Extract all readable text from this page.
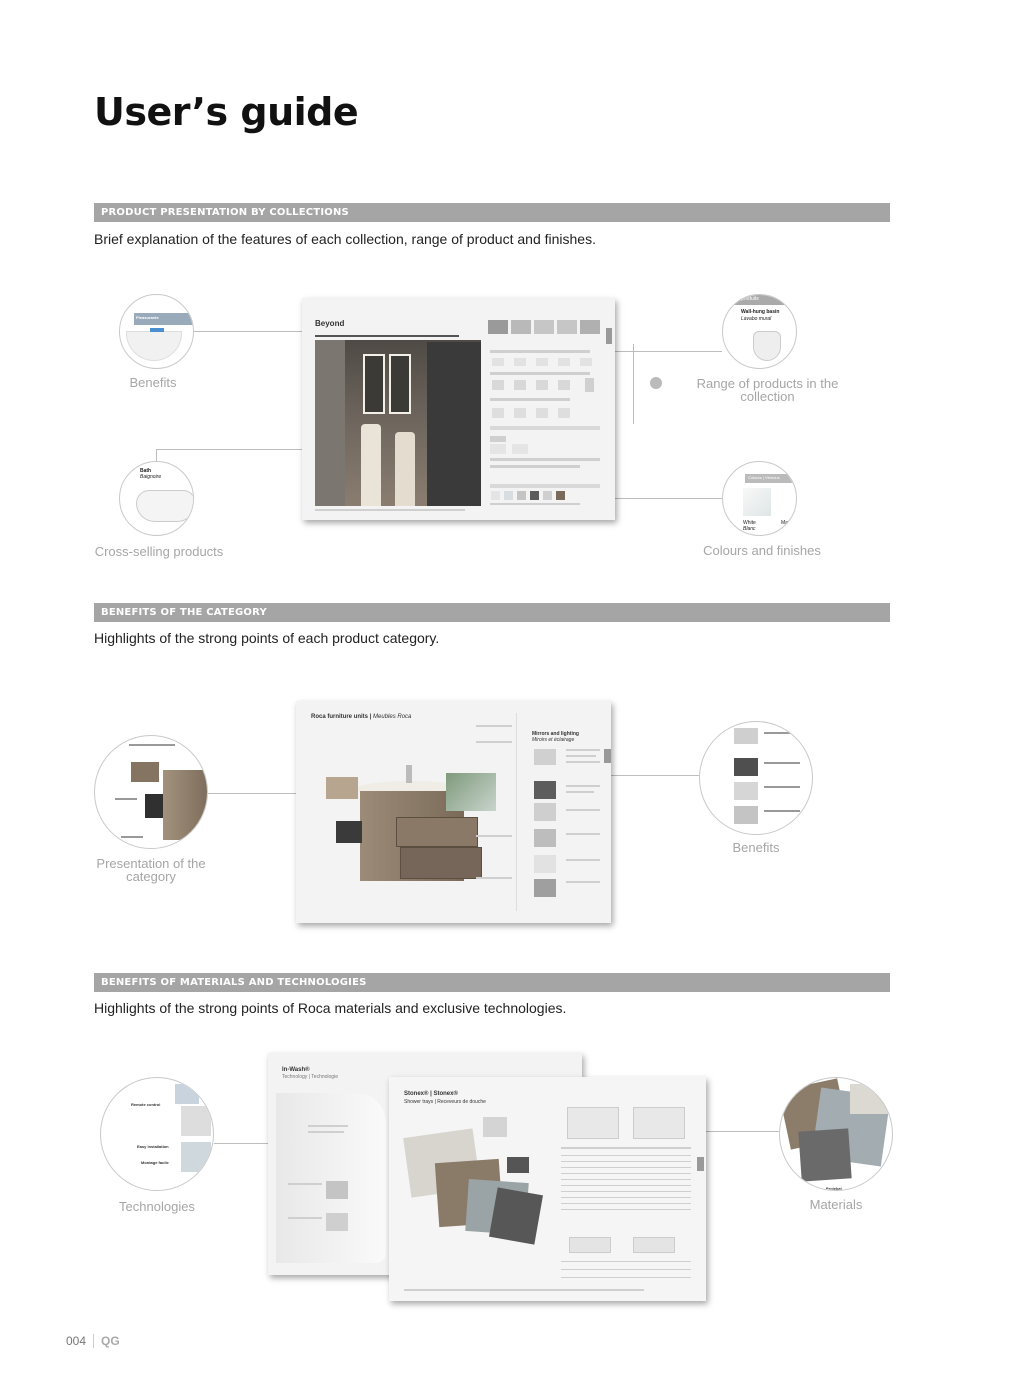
User’s guide
PRODUCT PRESENTATION BY COLLECTIONS
Brief explanation of the features of each collection, range of product and finishes.
Beyond
Pleasurante
Benefits
Bath
Baignoire
Cross-selling products
produits
Wall-hung basin
Lavabo mural
Range of products in the collection
Colours | Vitreous
White
Blanc
Matt
Colours and finishes
BENEFITS OF THE CATEGORY
Highlights of the strong points of each product category.
Roca furniture units | Meubles Roca
Mirrors and lighting
Miroirs et éclairage
Presentation of the category
Benefits
BENEFITS OF MATERIALS AND TECHNOLOGIES
Highlights of the strong points of Roca materials and exclusive technologies.
In-Wash®
Technology | Technologie
Stonex® | Stonex®
Shower trays | Receveurs de douche
Remote control
Easy installation
Montage facile
Technologies
Projekat
Materials
004 QG
